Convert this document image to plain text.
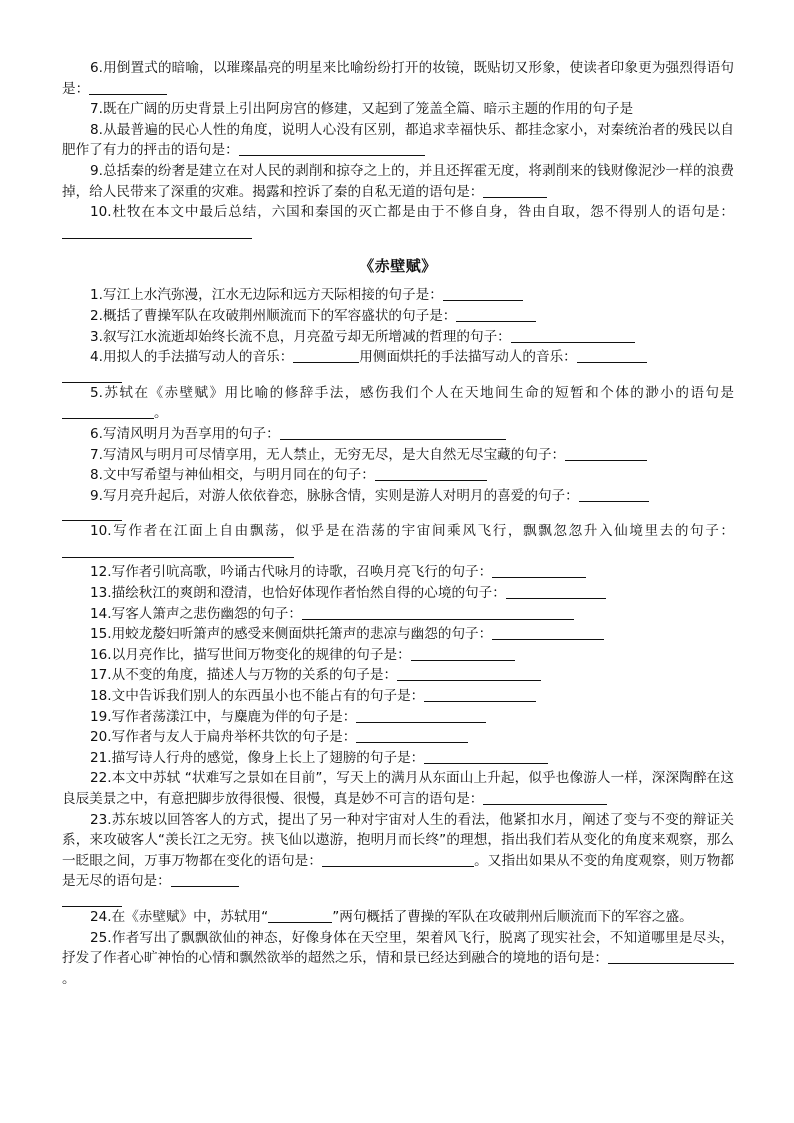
6.用倒置式的暗喻，以璀璨晶亮的明星来比喻纷纷打开的妆镜，既贴切又形象，使读者印象更为强烈得语句是：

7.既在广阔的历史背景上引出阿房宫的修建，又起到了笼盖全篇、暗示主题的作用的句子是

8.从最普遍的民心人性的角度，说明人心没有区别，都追求幸福快乐、都挂念家小，对秦统治者的残民以自肥作了有力的抨击的语句是：

9.总括秦的纷奢是建立在对人民的剥削和掠夺之上的，并且还挥霍无度，将剥削来的钱财像泥沙一样的浪费掉，给人民带来了深重的灾难。揭露和控诉了秦的自私无道的语句是：

10.杜牧在本文中最后总结，六国和秦国的灭亡都是由于不修自身，咎由自取，怨不得别人的语句是：

《赤壁赋》

1.写江上水汽弥漫，江水无边际和远方天际相接的句子是：

2.概括了曹操军队在攻破荆州顺流而下的军容盛状的句子是：

3.叙写江水流逝却始终长流不息，月亮盈亏却无所增减的哲理的句子：

4.用拟人的手法描写动人的音乐：	用侧面烘托的手法描写动人的音乐：

5.苏轼在《赤壁赋》用比喻的修辞手法，感伤我们个人在天地间生命的短暂和个体的渺小的语句是。

6.写清风明月为吾享用的句子：

7.写清风与明月可尽情享用，无人禁止，无穷无尽，是大自然无尽宝藏的句子：

8.文中写希望与神仙相交，与明月同在的句子：

9.写月亮升起后，对游人依依眷恋，脉脉含情，实则是游人对明月的喜爱的句子：

10.写作者在江面上自由飘荡，似乎是在浩荡的宇宙间乘风飞行，飘飘忽忽升入仙境里去的句子：

12.写作者引吭高歌，吟诵古代咏月的诗歌，召唤月亮飞行的句子：

13.描绘秋江的爽朗和澄清，也恰好体现作者怡然自得的心境的句子：

14.写客人箫声之悲伤幽怨的句子：

15.用蛟龙嫠妇听箫声的感受来侧面烘托箫声的悲凉与幽怨的句子：

16.以月亮作比，描写世间万物变化的规律的句子是：

17.从不变的角度，描述人与万物的关系的句子是：

18.文中告诉我们别人的东西虽小也不能占有的句子是：

19.写作者荡漾江中，与麋鹿为伴的句子是：

20.写作者与友人于扁舟举杯共饮的句子是：

21.描写诗人行舟的感觉，像身上长上了翅膀的句子是：

22.本文中苏轼 “状难写之景如在目前”，写天上的满月从东面山上升起，似乎也像游人一样，深深陶醉在这良辰美景之中，有意把脚步放得很慢、很慢，真是妙不可言的语句是：

23.苏东坡以回答客人的方式，提出了另一种对宇宙对人生的看法，他紧扣水月，阐述了变与不变的辩证关系，来攻破客人“羡长江之无穷。挟飞仙以遨游，抱明月而长终”的理想，指出我们若从变化的角度来观察，那么一眨眼之间，万事万物都在变化的语句是：	。又指出如果从不变的角度观察，则万物都是无尽的语句是：

24.在《赤壁赋》中，苏轼用“	”两句概括了曹操的军队在攻破荆州后顺流而下的军容之盛。

25.作者写出了飘飘欲仙的神态，好像身体在天空里，架着风飞行，脱离了现实社会，不知道哪里是尽头，抒发了作者心旷神怡的心情和飘然欲举的超然之乐，情和景已经达到融合的境地的语句是：。
